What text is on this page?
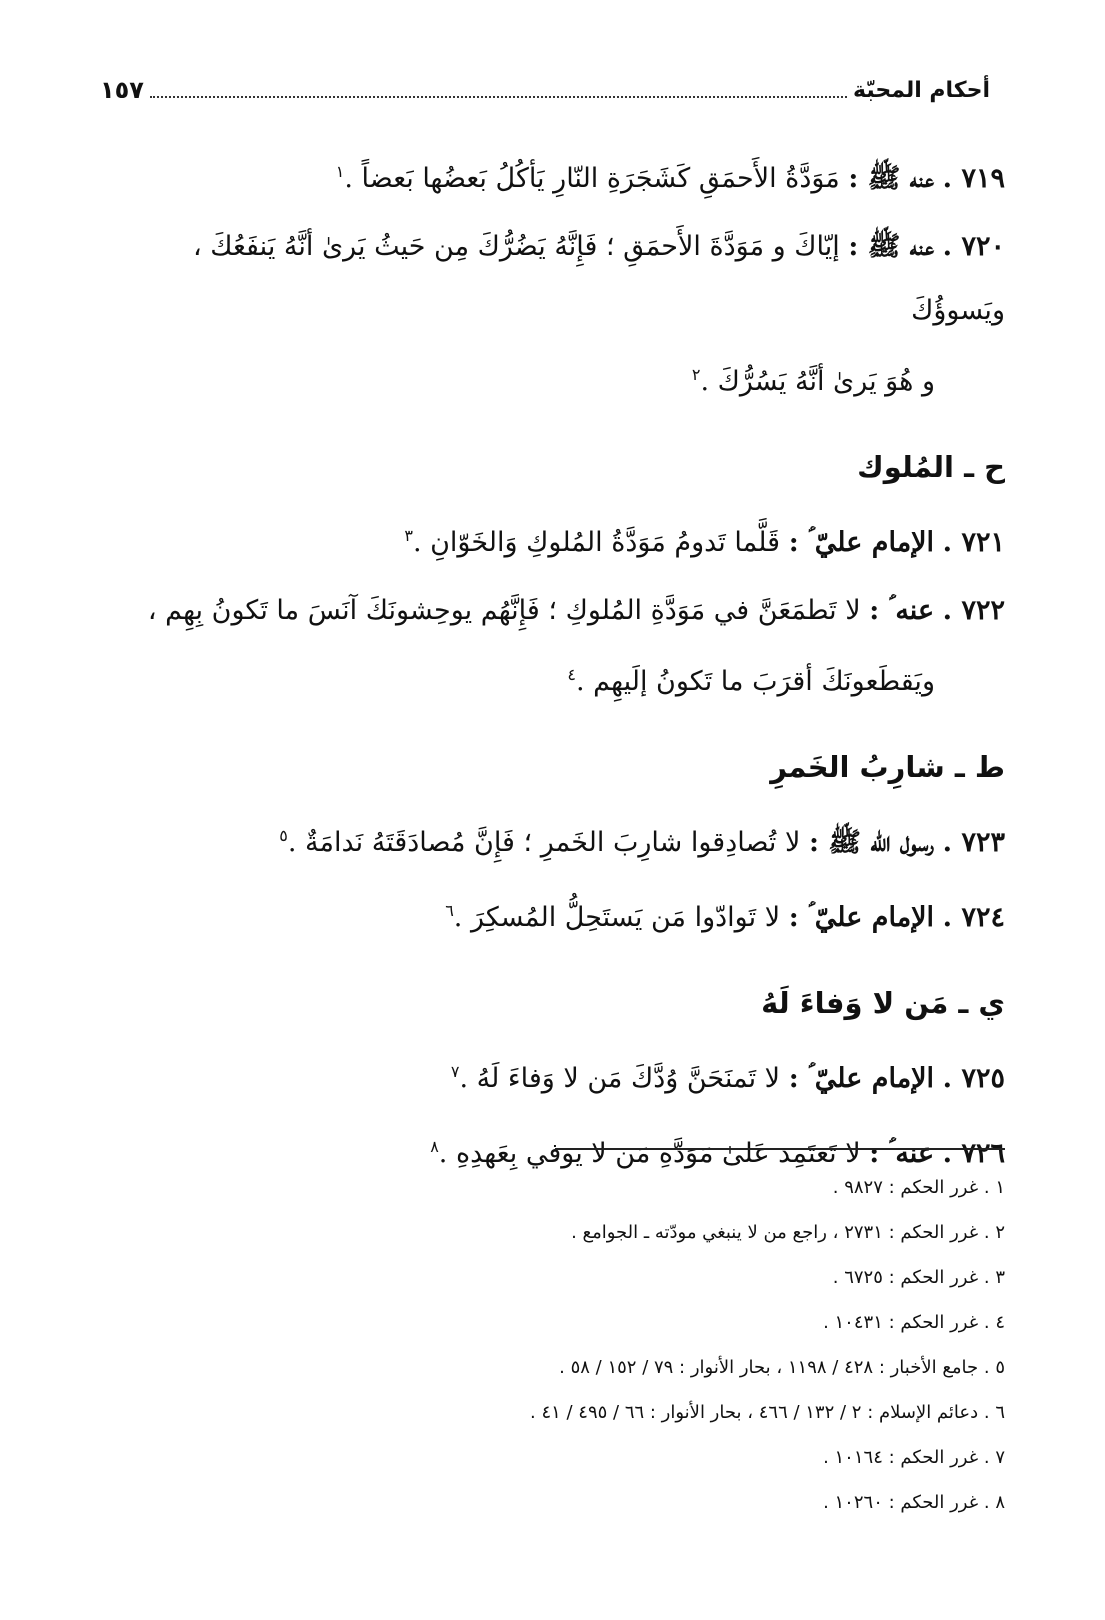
أحكام المحبّة
١٥٧

٧١٩ . عنه ﷺ : مَوَدَّةُ الأَحمَقِ كَشَجَرَةِ النّارِ يَأكُلُ بَعضُها بَعضاً .$^١$

٧٢٠ . عنه ﷺ : إيّاكَ و مَوَدَّةَ الأَحمَقِ ؛ فَإِنَّهُ يَضُرُّكَ مِن حَيثُ يَرىٰ أنَّهُ يَنفَعُكَ ، ويَسوؤُكَ
و هُوَ يَرىٰ أنَّهُ يَسُرُّكَ .$^٢$

ح ـ المُلوك

٧٢١ . الإمام عليّ ؑ : قَلَّما تَدومُ مَوَدَّةُ المُلوكِ وَالخَوّانِ .$^٣$

٧٢٢ . عنه ؑ : لا تَطمَعَنَّ في مَوَدَّةِ المُلوكِ ؛ فَإِنَّهُم يوحِشونَكَ آنَسَ ما تَكونُ بِهِم ،
ويَقطَعونَكَ أقرَبَ ما تَكونُ إلَيهِم .$^٤$

ط ـ شارِبُ الخَمرِ

٧٢٣ . رسول الله ﷺ : لا تُصادِقوا شارِبَ الخَمرِ ؛ فَإِنَّ مُصادَقَتَهُ نَدامَةٌ .$^٥$

٧٢٤ . الإمام عليّ ؑ : لا تَوادّوا مَن يَستَحِلُّ المُسكِرَ .$^٦$

ي ـ مَن لا وَفاءَ لَهُ

٧٢٥ . الإمام عليّ ؑ : لا تَمنَحَنَّ وُدَّكَ مَن لا وَفاءَ لَهُ .$^٧$

٧٢٦ . عنه ؑ : لا تَعتَمِد عَلىٰ مَوَدَّةِ مَن لا يوفي بِعَهدِهِ .$^٨$

١ . غرر الحكم : ٩٨٢٧ .
٢ . غرر الحكم : ٢٧٣١ ، راجع من لا ينبغي مودّته ـ الجوامع .
٣ . غرر الحكم : ٦٧٢٥ .
٤ . غرر الحكم : ١٠٤٣١ .
٥ . جامع الأخبار : ٤٢٨ / ١١٩٨ ، بحار الأنوار : ٧٩ / ١٥٢ / ٥٨ .
٦ . دعائم الإسلام : ٢ / ١٣٢ / ٤٦٦ ، بحار الأنوار : ٦٦ / ٤٩٥ / ٤١ .
٧ . غرر الحكم : ١٠١٦٤ .
٨ . غرر الحكم : ١٠٢٦٠ .
